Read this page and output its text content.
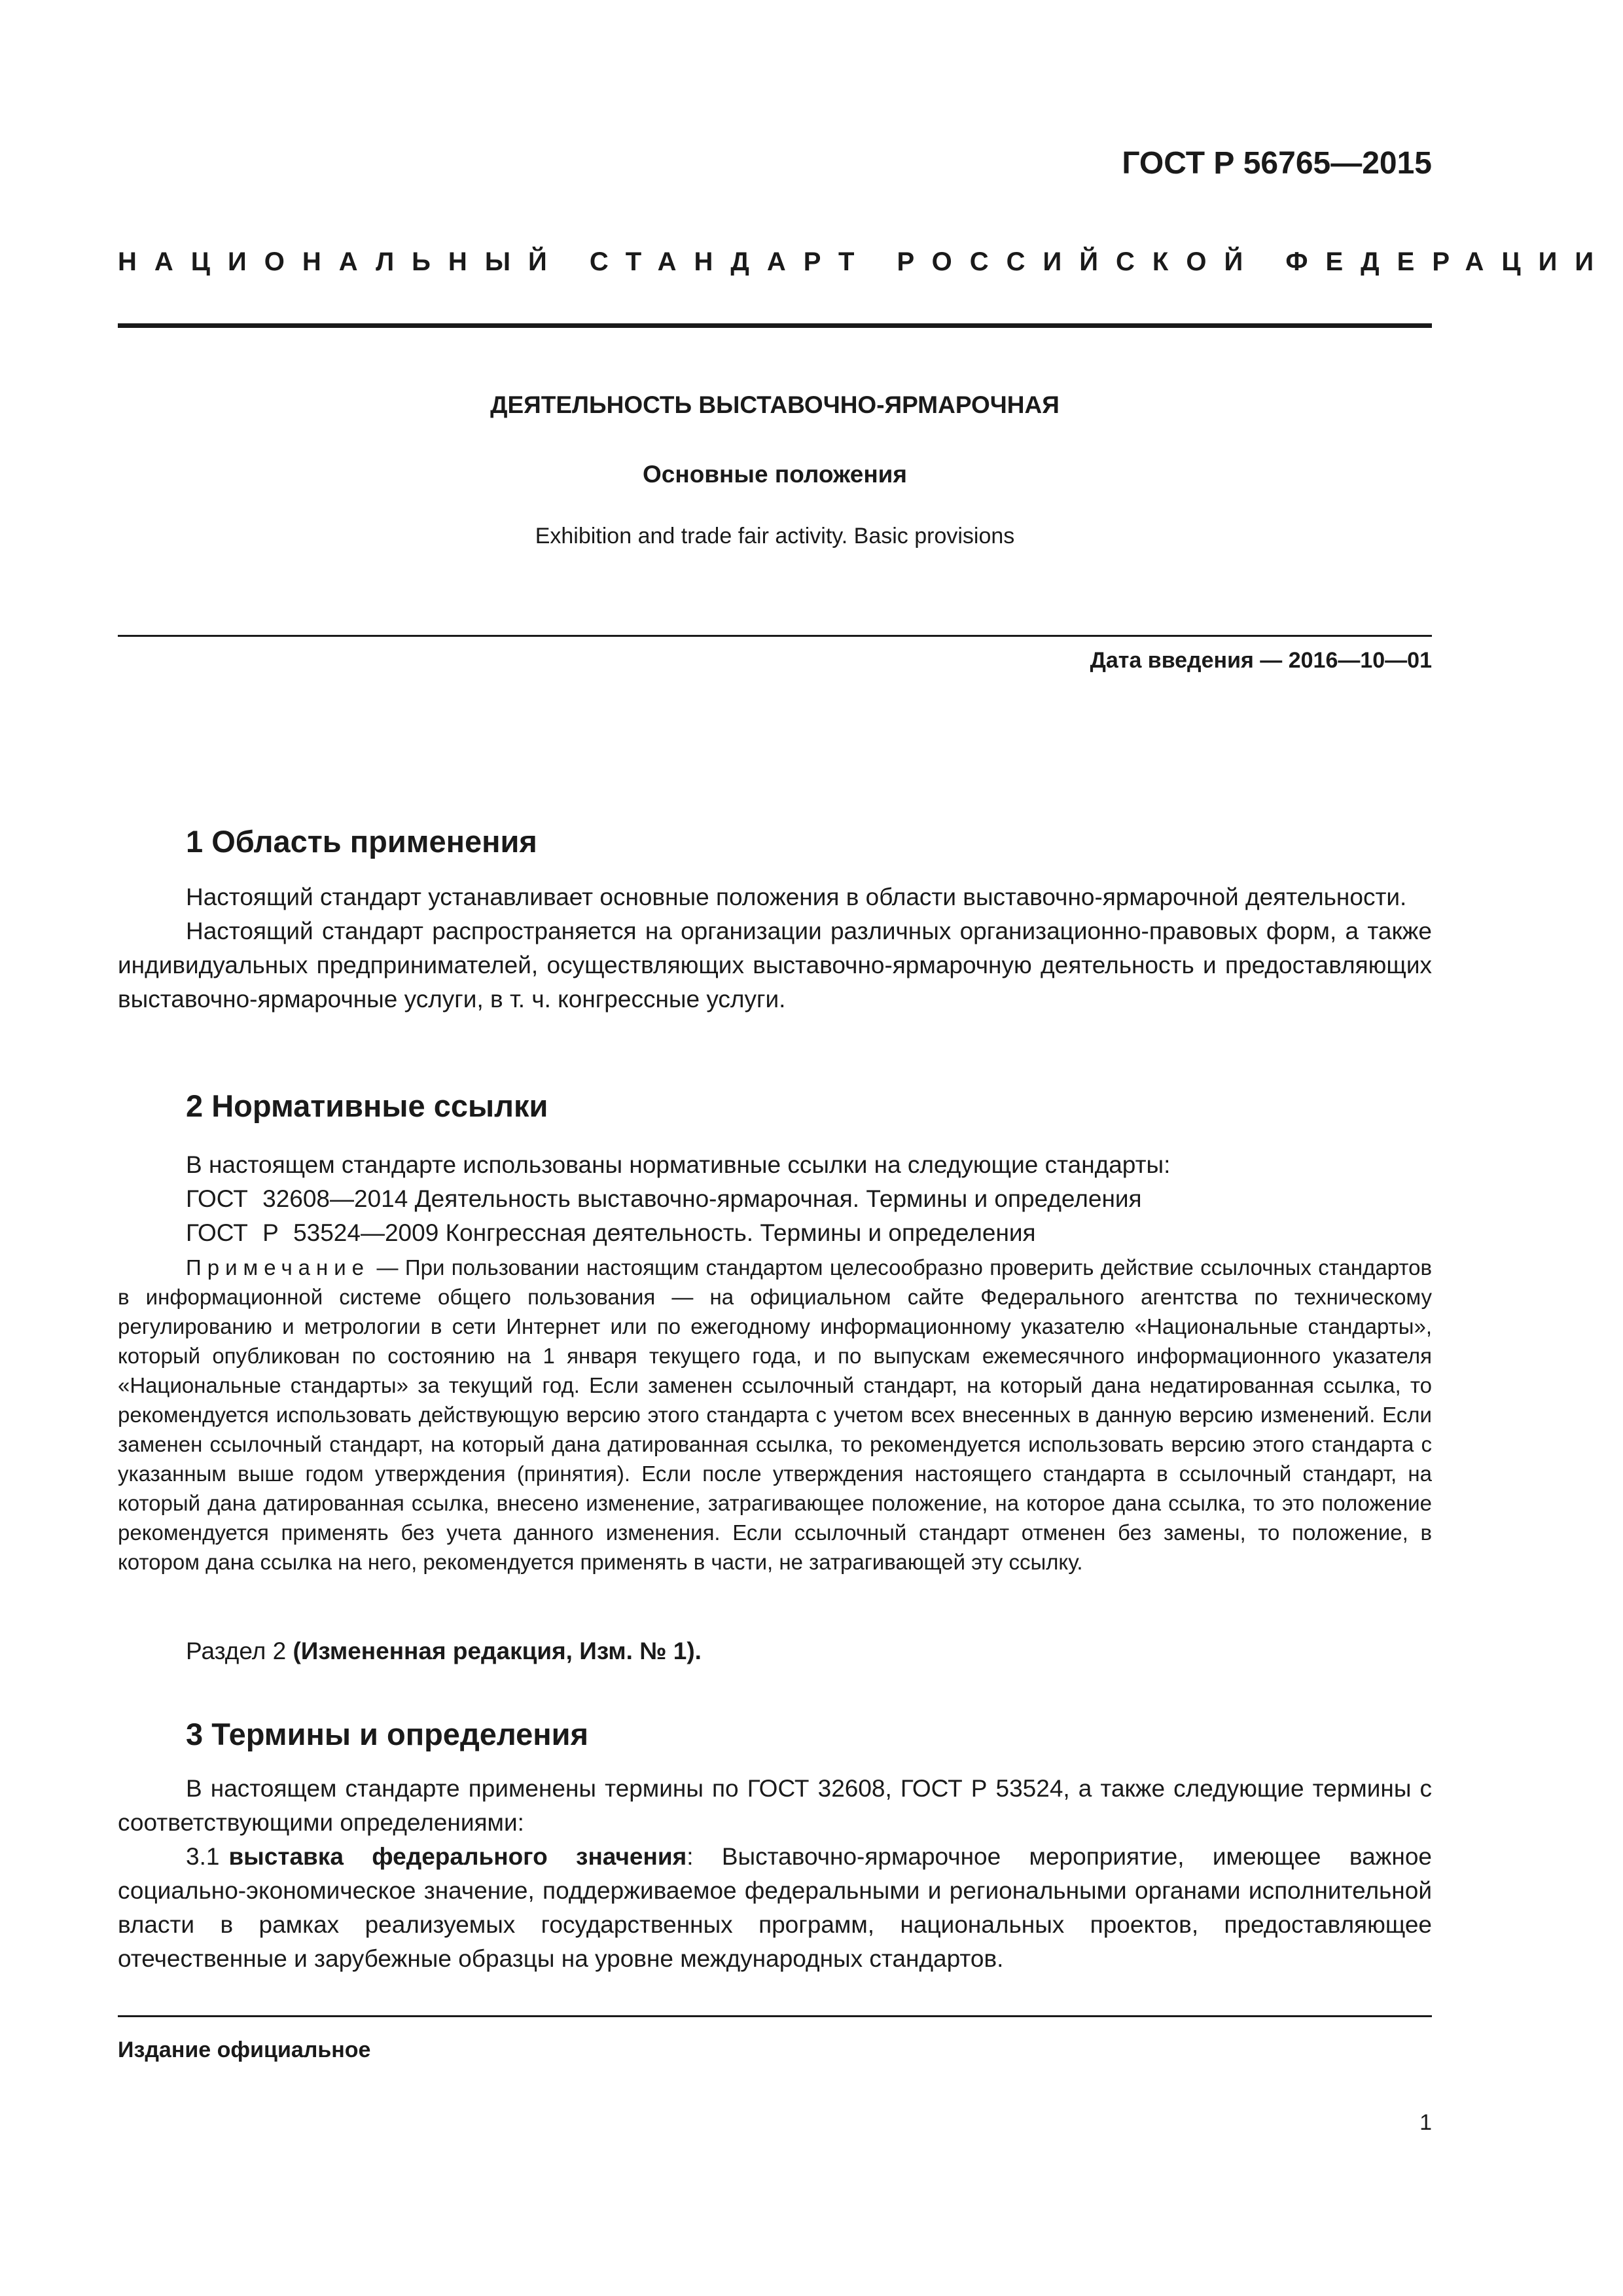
ГОСТ Р 56765—2015
НАЦИОНАЛЬНЫЙ СТАНДАРТ РОССИЙСКОЙ ФЕДЕРАЦИИ
ДЕЯТЕЛЬНОСТЬ ВЫСТАВОЧНО-ЯРМАРОЧНАЯ
Основные положения
Exhibition and trade fair activity. Basic provisions
Дата введения — 2016—10—01
1 Область применения

Настоящий стандарт устанавливает основные положения в области выставочно-ярмарочной деятельности.

Настоящий стандарт распространяется на организации различных организационно-правовых форм, а также индивидуальных предпринимателей, осуществляющих выставочно-ярмарочную деятельность и предоставляющих выставочно-ярмарочные услуги, в т. ч. конгрессные услуги.

2 Нормативные ссылки

В настоящем стандарте использованы нормативные ссылки на следующие стандарты:

ГОСТ 32608—2014 Деятельность выставочно-ярмарочная. Термины и определения

ГОСТ Р 53524—2009 Конгрессная деятельность. Термины и определения

Примечание — При пользовании настоящим стандартом целесообразно проверить действие ссылочных стандартов в информационной системе общего пользования — на официальном сайте Федерального агентства по техническому регулированию и метрологии в сети Интернет или по ежегодному информационному указателю «Национальные стандарты», который опубликован по состоянию на 1 января текущего года, и по выпускам ежемесячного информационного указателя «Национальные стандарты» за текущий год. Если заменен ссылочный стандарт, на который дана недатированная ссылка, то рекомендуется использовать действующую версию этого стандарта с учетом всех внесенных в данную версию изменений. Если заменен ссылочный стандарт, на который дана датированная ссылка, то рекомендуется использовать версию этого стандарта с указанным выше годом утверждения (принятия). Если после утверждения настоящего стандарта в ссылочный стандарт, на который дана датированная ссылка, внесено изменение, затрагивающее положение, на которое дана ссылка, то это положение рекомендуется применять без учета данного изменения. Если ссылочный стандарт отменен без замены, то положение, в котором дана ссылка на него, рекомендуется применять в части, не затрагивающей эту ссылку.
Раздел 2 (Измененная редакция, Изм. № 1).
3 Термины и определения

В настоящем стандарте применены термины по ГОСТ 32608, ГОСТ Р 53524, а также следующие термины с соответствующими определениями:

3.1 выставка федерального значения: Выставочно-ярмарочное мероприятие, имеющее важное социально-экономическое значение, поддерживаемое федеральными и региональными органами исполнительной власти в рамках реализуемых государственных программ, национальных проектов, предоставляющее отечественные и зарубежные образцы на уровне международных стандартов.

Издание официальное
1
